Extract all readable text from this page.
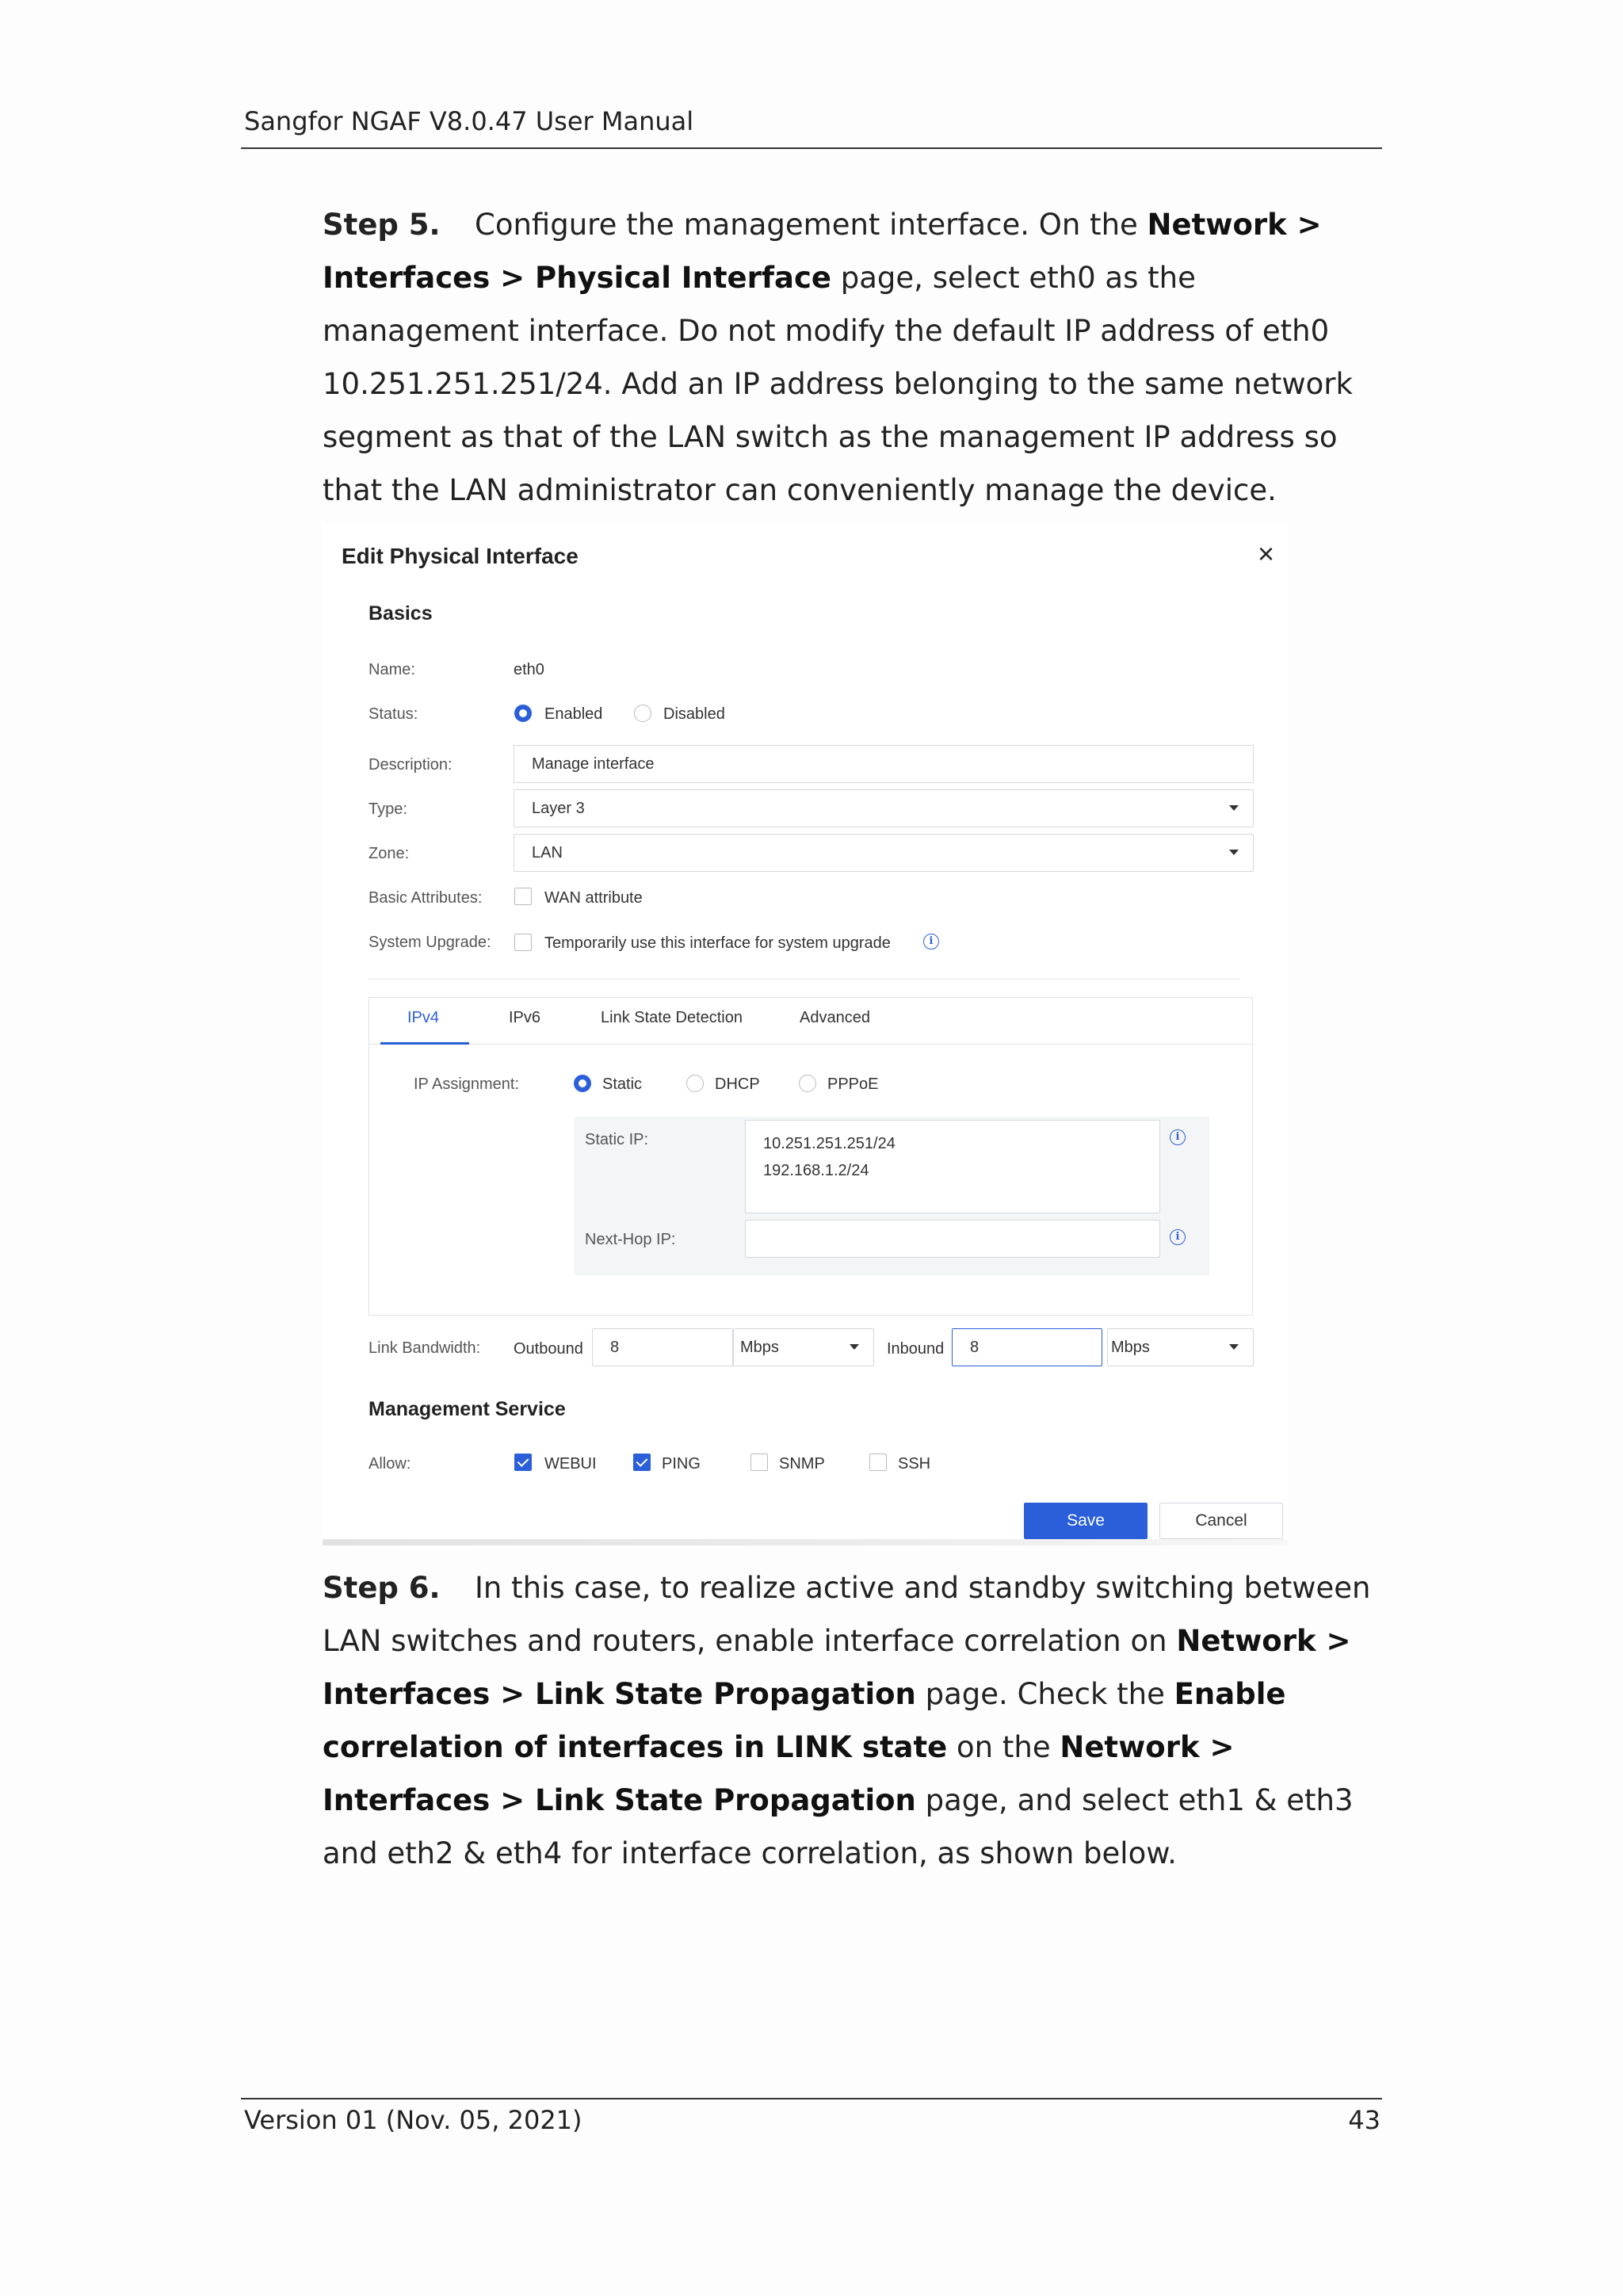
Sangfor NGAF V8.0.47 User Manual
Step 5. Configure the management interface. On the Network > Interfaces > Physical Interface page, select eth0 as the management interface. Do not modify the default IP address of eth0 10.251.251.251/24. Add an IP address belonging to the same network segment as that of the LAN switch as the management IP address so that the LAN administrator can conveniently manage the device.
Edit Physical Interface	×
Basics
Name:	eth0
Status:	Enabled	Disabled
Description:	Manage interface
Type:	Layer 3
Zone:	LAN
Basic Attributes:	WAN attribute
System Upgrade:	Temporarily use this interface for system upgrade	i
IPv4	IPv6	Link State Detection	Advanced
IP Assignment:	Static	DHCP	PPPoE
Static IP:	10.251.251.251/24
192.168.1.2/24
i
Next-Hop IP:	i
Link Bandwidth: Outbound	8	Mbps	Inbound	8	Mbps
Management Service
Allow:	WEBUI	PING	SNMP	SSH
Save	Cancel
Step 6. In this case, to realize active and standby switching between LAN switches and routers, enable interface correlation on Network > Interfaces > Link State Propagation page. Check the Enable correlation of interfaces in LINK state on the Network > Interfaces > Link State Propagation page, and select eth1 & eth3 and eth2 & eth4 for interface correlation, as shown below.
Version 01 (Nov. 05, 2021)	43
